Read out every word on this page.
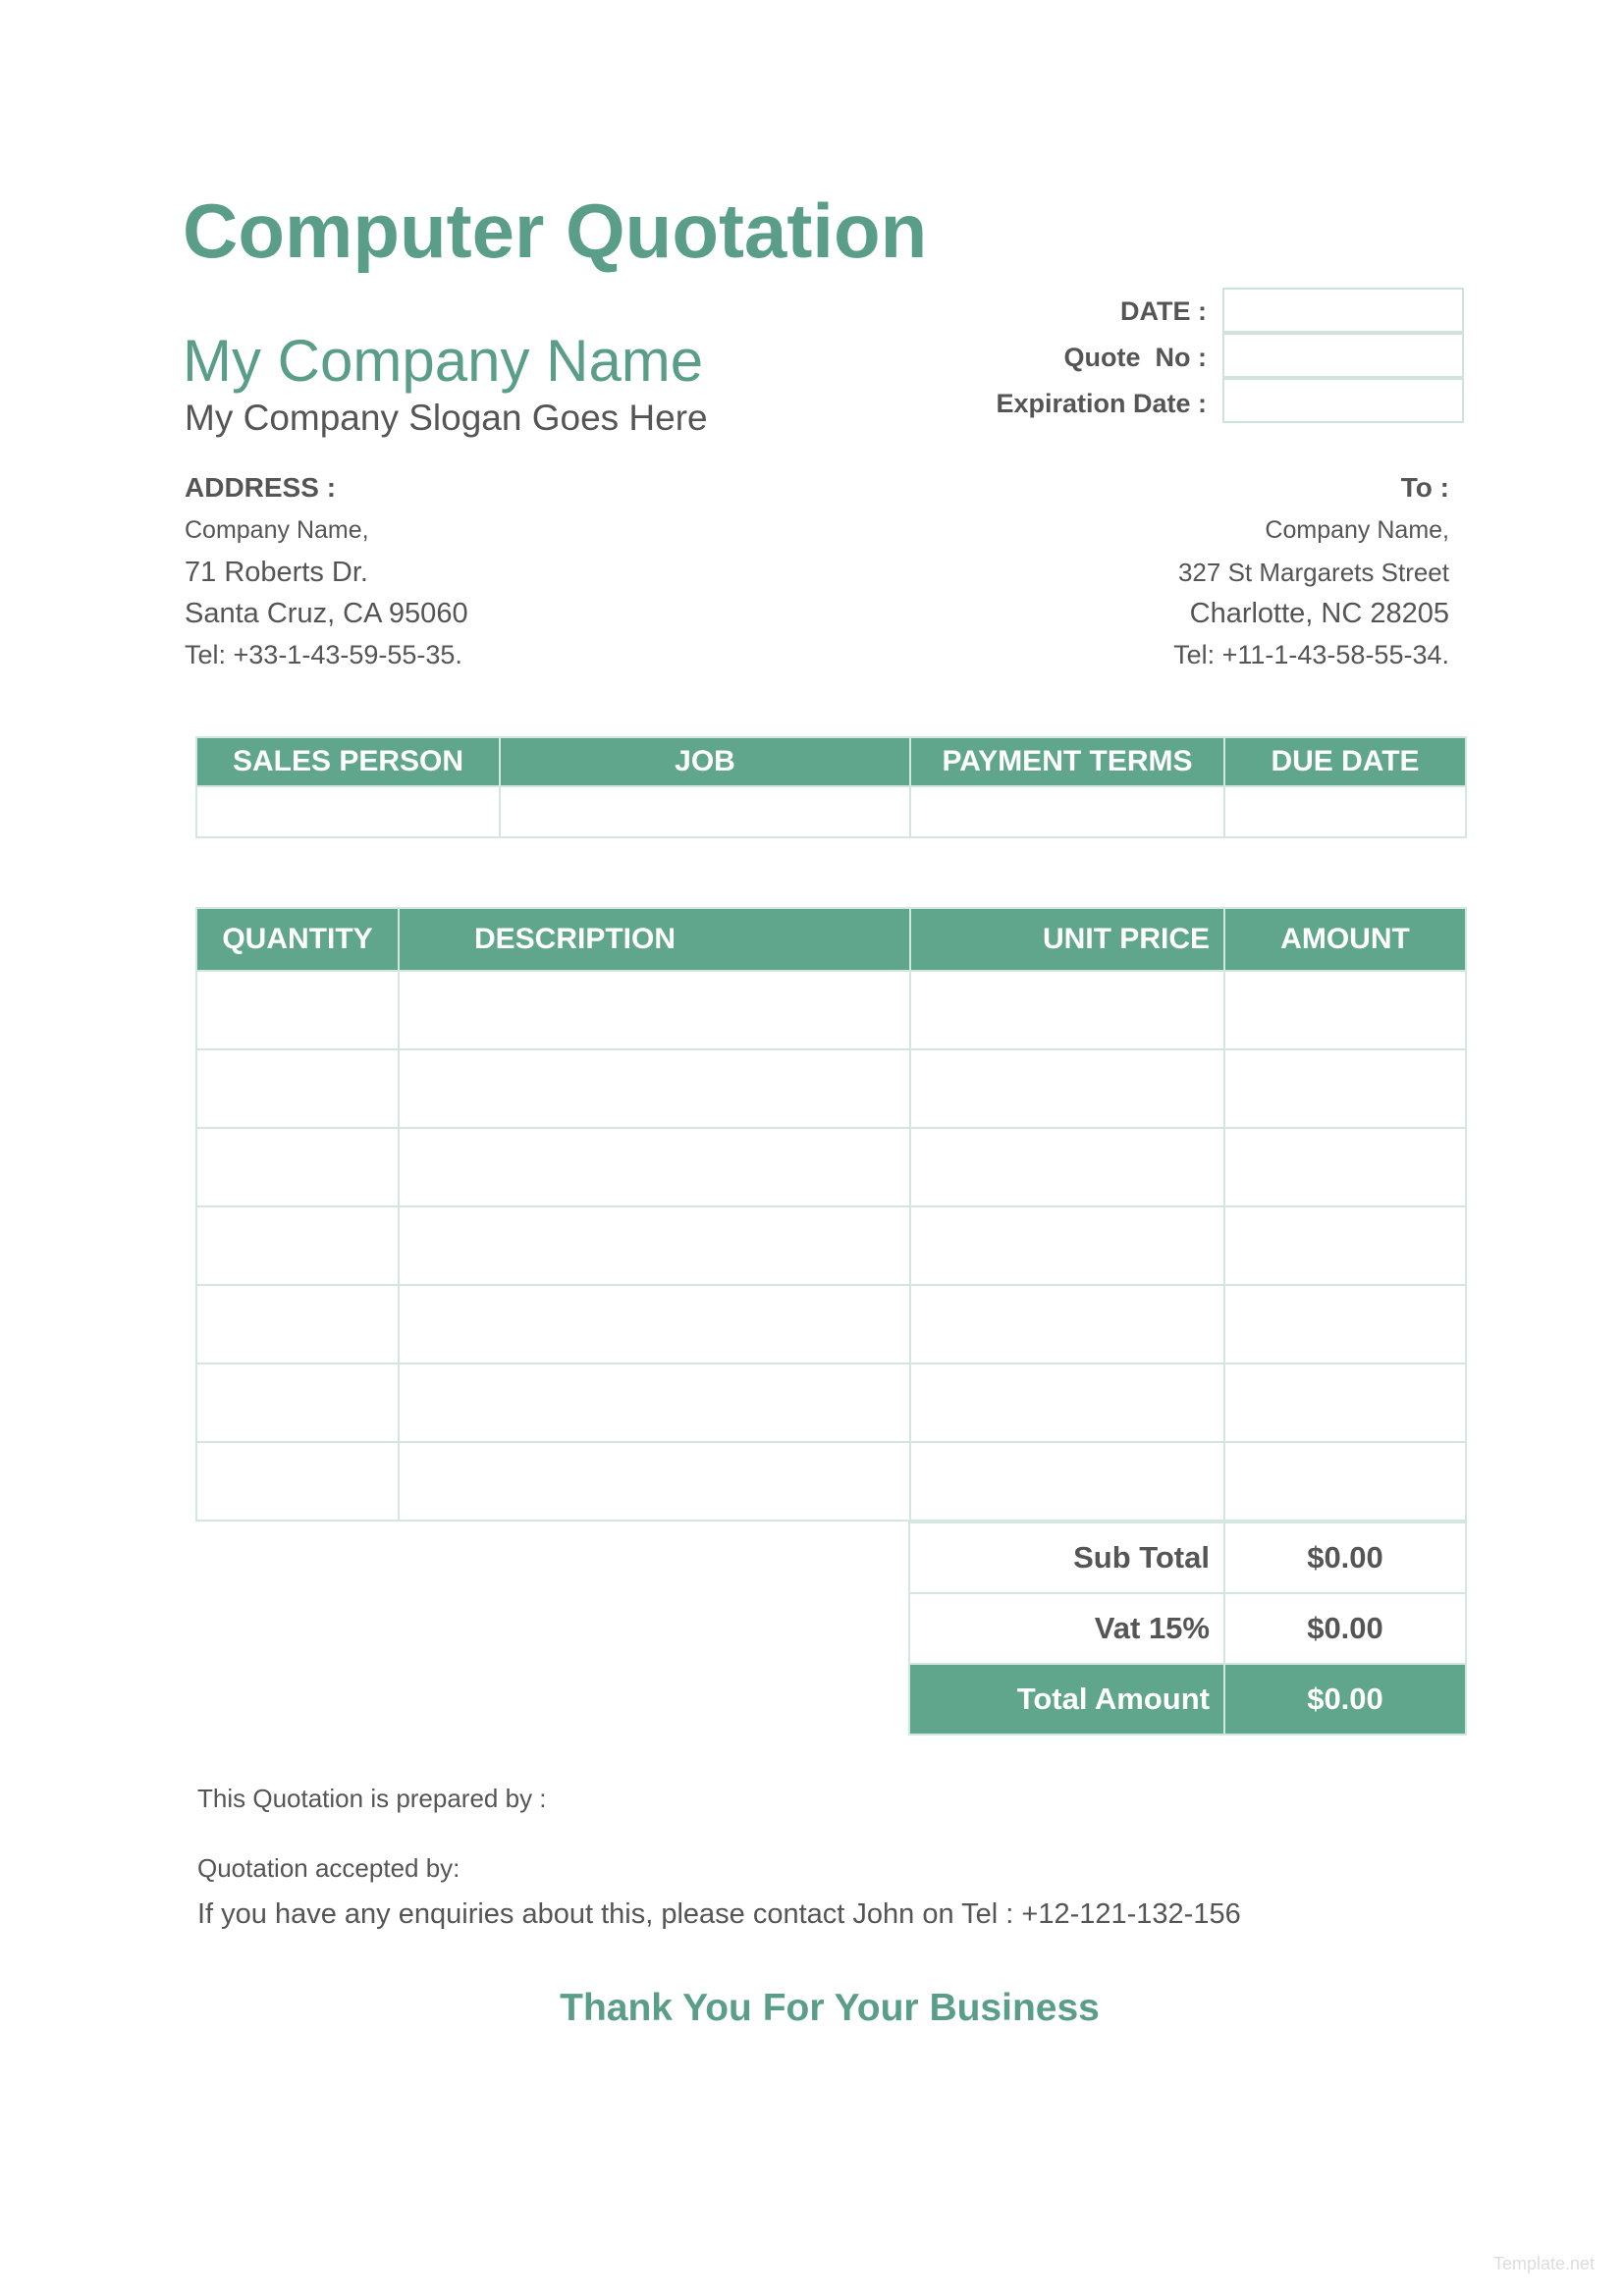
Computer Quotation
My Company Name
My Company Slogan Goes Here
DATE :
Quote  No :
Expiration Date :
ADDRESS :
Company Name,
71 Roberts Dr.
Santa Cruz, CA 95060
Tel: +33-1-43-59-55-35.
To :
Company Name,
327 St Margarets Street
Charlotte, NC 28205
Tel: +11-1-43-58-55-34.
SALES PERSON	JOB	PAYMENT TERMS	DUE DATE

QUANTITY	DESCRIPTION	UNIT PRICE	AMOUNT

Sub Total	$0.00
Vat 15%	$0.00
Total Amount	$0.00
This Quotation is prepared by :
Quotation accepted by:
If you have any enquiries about this, please contact John on Tel : +12-121-132-156
Thank You For Your Business
Template.net
